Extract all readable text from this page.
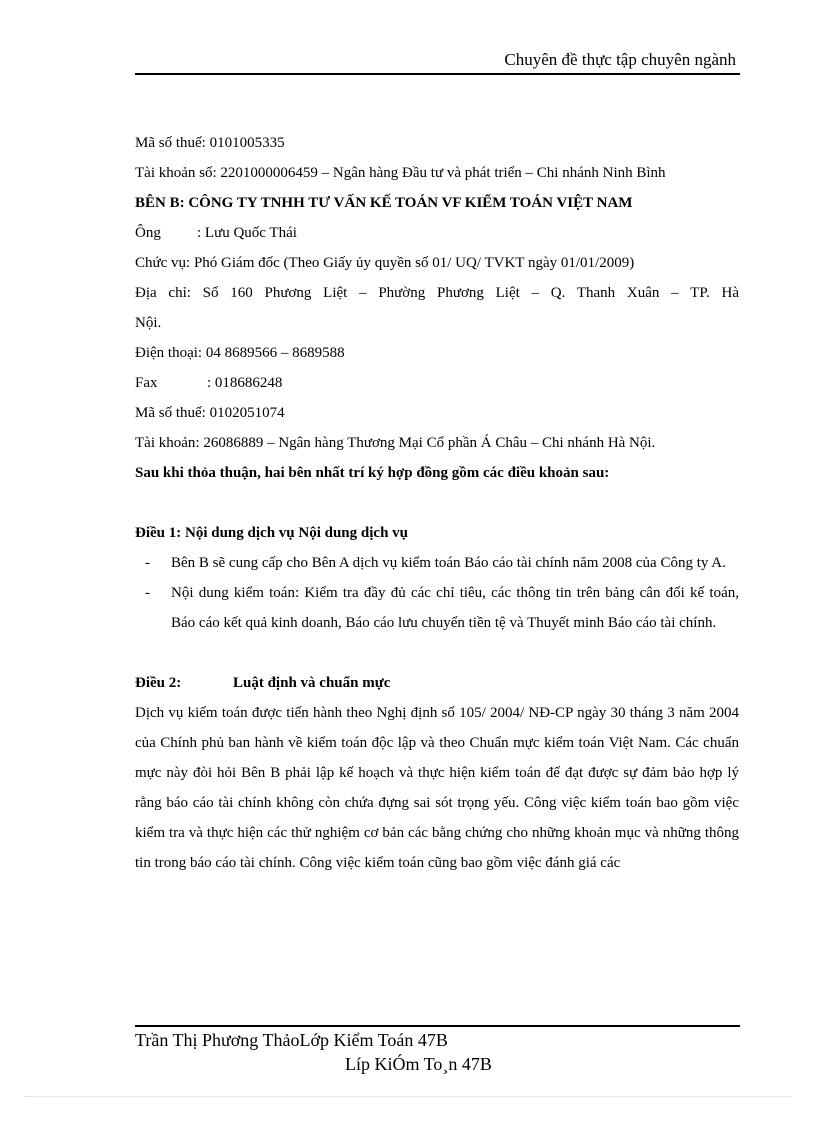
Chuyên đề thực tập chuyên ngành
Mã số thuế: 0101005335
Tài khoản số: 2201000006459 – Ngân hàng Đầu tư và phát triển – Chi nhánh Ninh Bình
BÊN B: CÔNG TY TNHH TƯ VẤN KẾ TOÁN VF KIỂM TOÁN VIỆT NAM
Ông : Lưu Quốc Thái
Chức vụ: Phó Giám đốc (Theo Giấy ủy quyền số 01/ UQ/ TVKT ngày 01/01/2009)
Địa chỉ: Số 160 Phương Liệt – Phường Phương Liệt – Q. Thanh Xuân – TP. Hà
Nội.
Điện thoại: 04 8689566 – 8689588
Fax	: 018686248
Mã số thuế: 0102051074
Tài khoản: 26086889 – Ngân hàng Thương Mại Cổ phần Á Châu – Chi nhánh Hà Nội.
Sau khi thỏa thuận, hai bên nhất trí ký hợp đồng gồm các điều khoản sau:
Điều 1: Nội dung dịch vụ Nội dung dịch vụ
-	Bên B sẽ cung cấp cho Bên A dịch vụ kiểm toán Báo cáo tài chính năm 2008 của Công ty A.
-	Nội dung kiểm toán: Kiểm tra đầy đủ các chỉ tiêu, các thông tin trên bảng cân đối kế toán, Báo cáo kết quả kinh doanh, Báo cáo lưu chuyển tiền tệ và Thuyết minh Báo cáo tài chính.
Điều 2:	Luật định và chuẩn mực
Dịch vụ kiểm toán được tiến hành theo Nghị định số 105/ 2004/ NĐ-CP ngày 30 tháng 3 năm 2004 của Chính phủ ban hành về kiểm toán độc lập và theo Chuẩn mực kiểm toán Việt Nam. Các chuẩn mực này đòi hỏi Bên B phải lập kế hoạch và thực hiện kiểm toán để đạt được sự đảm bảo hợp lý rằng báo cáo tài chính không còn chứa đựng sai sót trọng yếu. Công việc kiểm toán bao gồm việc kiểm tra và thực hiện các thử nghiệm cơ bản các bằng chứng cho những khoản mục và những thông tin trong báo cáo tài chính. Công việc kiểm toán cũng bao gồm việc đánh giá các
Trần Thị Phương ThảoLớp Kiểm Toán 47B
Líp KiÓm To¸n 47B
